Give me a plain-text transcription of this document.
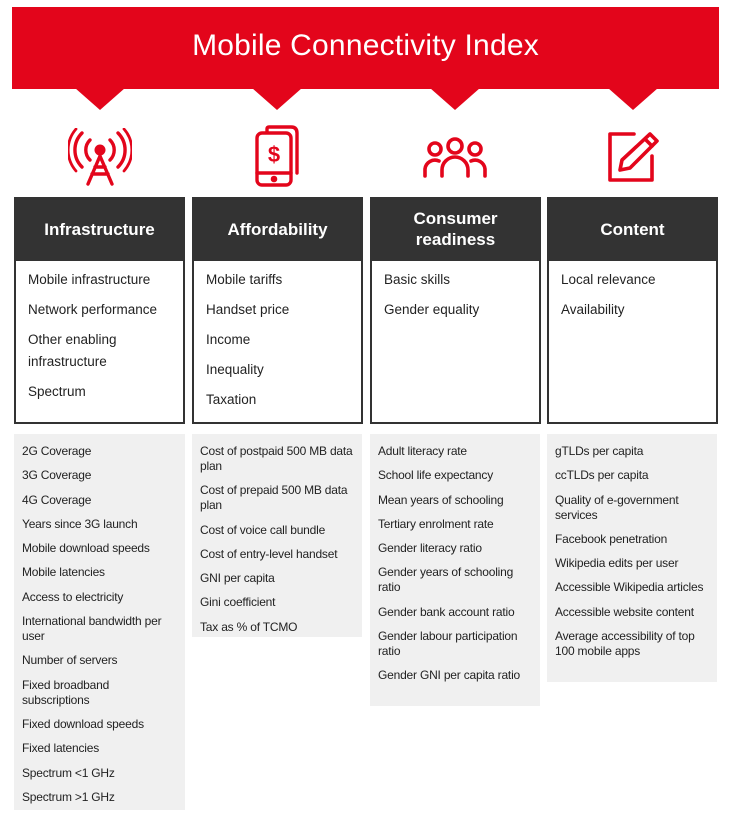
Mobile Connectivity Index
$
Infrastructure
Mobile infrastructure
Network performance
Other enabling infrastructure
Spectrum
2G Coverage
3G Coverage
4G Coverage
Years since 3G launch
Mobile download speeds
Mobile latencies
Access to electricity
International bandwidth per user
Number of servers
Fixed broadband subscriptions
Fixed download speeds
Fixed latencies
Spectrum <1 GHz
Spectrum >1 GHz
Affordability
Mobile tariffs
Handset price
Income
Inequality
Taxation
Cost of postpaid 500 MB data plan
Cost of prepaid 500 MB data plan
Cost of voice call bundle
Cost of entry-level handset
GNI per capita
Gini coefficient
Tax as % of TCMO
Consumer readiness
Basic skills
Gender equality
Adult literacy rate
School life expectancy
Mean years of schooling
Tertiary enrolment rate
Gender literacy ratio
Gender years of schooling ratio
Gender bank account ratio
Gender labour participation ratio
Gender GNI per capita ratio
Content
Local relevance
Availability
gTLDs per capita
ccTLDs per capita
Quality of e-government services
Facebook penetration
Wikipedia edits per user
Accessible Wikipedia articles
Accessible website content
Average accessibility of top 100 mobile apps
